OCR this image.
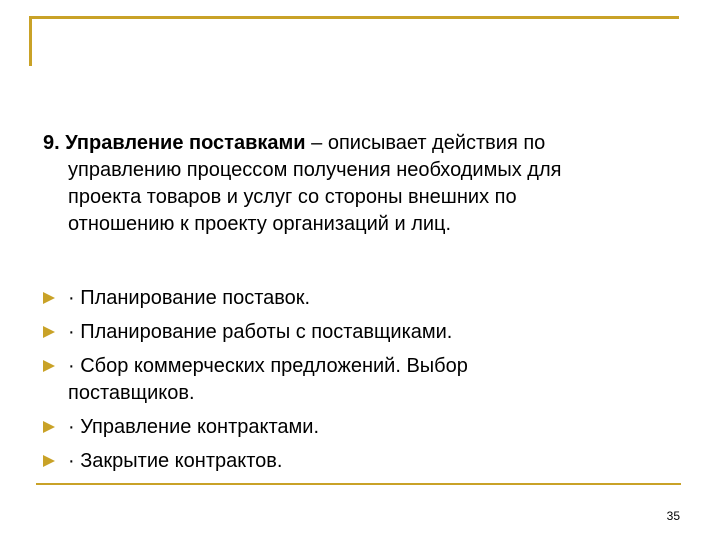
9. Управление поставками – описывает действия по
управлению процессом получения необходимых для
проекта товаров и услуг со стороны внешних по
отношению к проекту организаций и лиц.
· Планирование поставок.
· Планирование работы с поставщиками.
· Сбор коммерческих предложений. Выбор
поставщиков.
· Управление контрактами.
· Закрытие контрактов.
35
